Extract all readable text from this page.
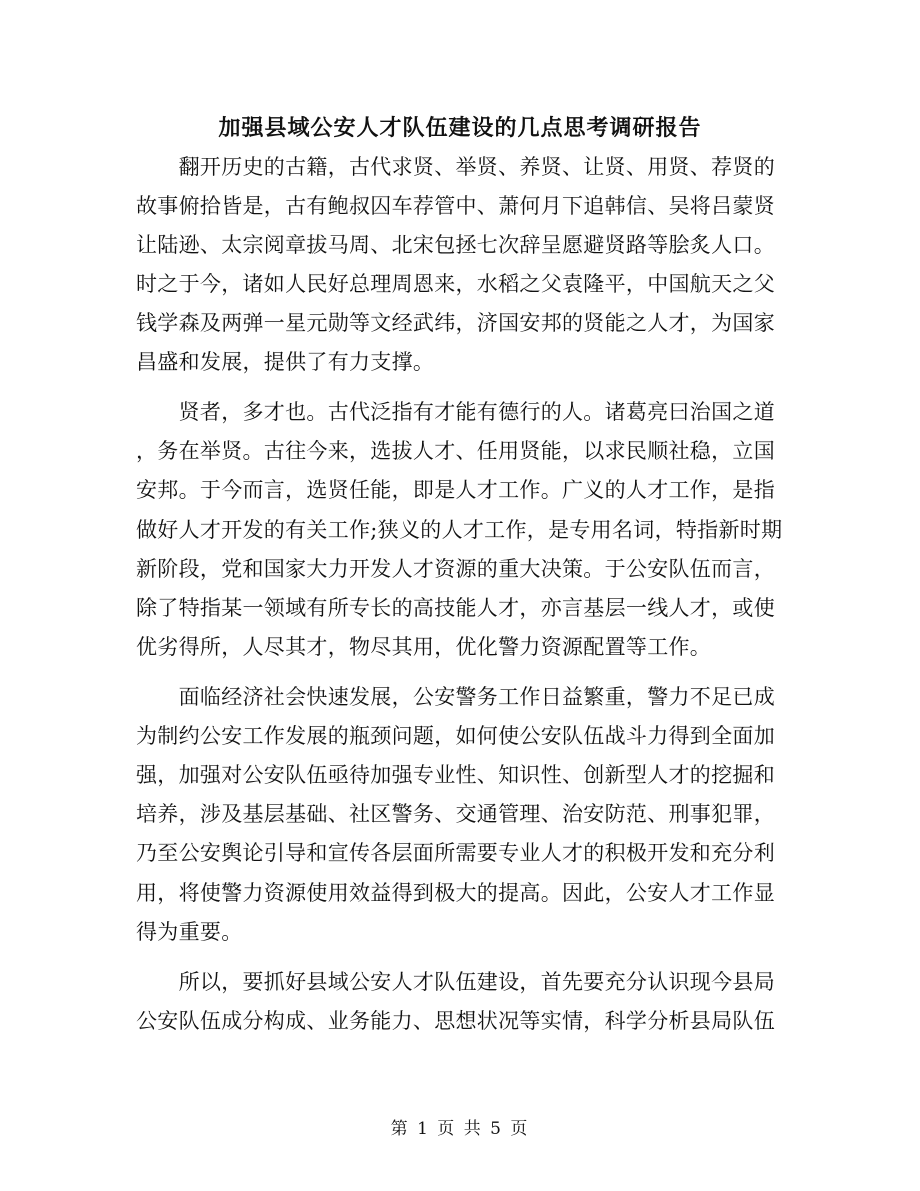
加强县域公安人才队伍建设的几点思考调研报告
　　翻开历史的古籍，古代求贤、举贤、养贤、让贤、用贤、荐贤的
故事俯拾皆是，古有鲍叔囚车荐管中、萧何月下追韩信、吴将吕蒙贤
让陆逊、太宗阅章拔马周、北宋包拯七次辞呈愿避贤路等脍炙人口。
时之于今，诸如人民好总理周恩来，水稻之父袁隆平，中国航天之父
钱学森及两弹一星元勋等文经武纬，济国安邦的贤能之人才，为国家
昌盛和发展，提供了有力支撑。
　　贤者，多才也。古代泛指有才能有德行的人。诸葛亮曰治国之道
，务在举贤。古往今来，选拔人才、任用贤能，以求民顺社稳，立国
安邦。于今而言，选贤任能，即是人才工作。广义的人才工作，是指
做好人才开发的有关工作;狭义的人才工作，是专用名词，特指新时期
新阶段，党和国家大力开发人才资源的重大决策。于公安队伍而言，
除了特指某一领域有所专长的高技能人才，亦言基层一线人才，或使
优劣得所，人尽其才，物尽其用，优化警力资源配置等工作。
　　面临经济社会快速发展，公安警务工作日益繁重，警力不足已成
为制约公安工作发展的瓶颈问题，如何使公安队伍战斗力得到全面加
强，加强对公安队伍亟待加强专业性、知识性、创新型人才的挖掘和
培养，涉及基层基础、社区警务、交通管理、治安防范、刑事犯罪，
乃至公安舆论引导和宣传各层面所需要专业人才的积极开发和充分利
用，将使警力资源使用效益得到极大的提高。因此，公安人才工作显
得为重要。
　　所以，要抓好县域公安人才队伍建设，首先要充分认识现今县局
公安队伍成分构成、业务能力、思想状况等实情，科学分析县局队伍
第 1 页 共 5 页
